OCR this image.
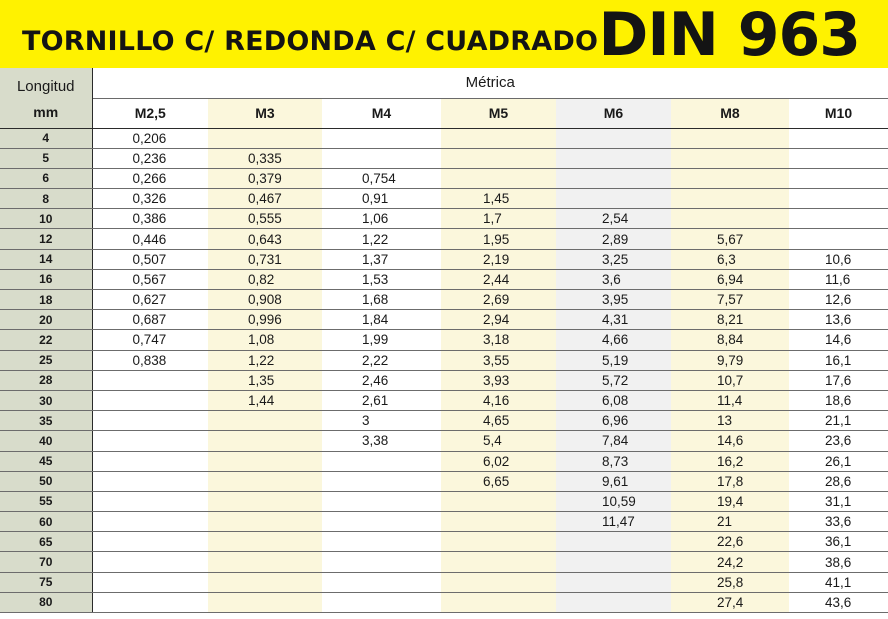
TORNILLO C/ REDONDA C/ CUADRADO DIN 963
Longitud	Métrica						
mm	M2,5	M3	M4	M5	M6	M8	M10
4	0,206						
5	0,236	0,335					
6	0,266	0,379	0,754				
8	0,326	0,467	0,91	1,45			
10	0,386	0,555	1,06	1,7	2,54		
12	0,446	0,643	1,22	1,95	2,89	5,67	
14	0,507	0,731	1,37	2,19	3,25	6,3	10,6
16	0,567	0,82	1,53	2,44	3,6	6,94	11,6
18	0,627	0,908	1,68	2,69	3,95	7,57	12,6
20	0,687	0,996	1,84	2,94	4,31	8,21	13,6
22	0,747	1,08	1,99	3,18	4,66	8,84	14,6
25	0,838	1,22	2,22	3,55	5,19	9,79	16,1
28		1,35	2,46	3,93	5,72	10,7	17,6
30		1,44	2,61	4,16	6,08	11,4	18,6
35			3	4,65	6,96	13	21,1
40			3,38	5,4	7,84	14,6	23,6
45				6,02	8,73	16,2	26,1
50				6,65	9,61	17,8	28,6
55					10,59	19,4	31,1
60					11,47	21	33,6
65						22,6	36,1
70						24,2	38,6
75						25,8	41,1
80						27,4	43,6
